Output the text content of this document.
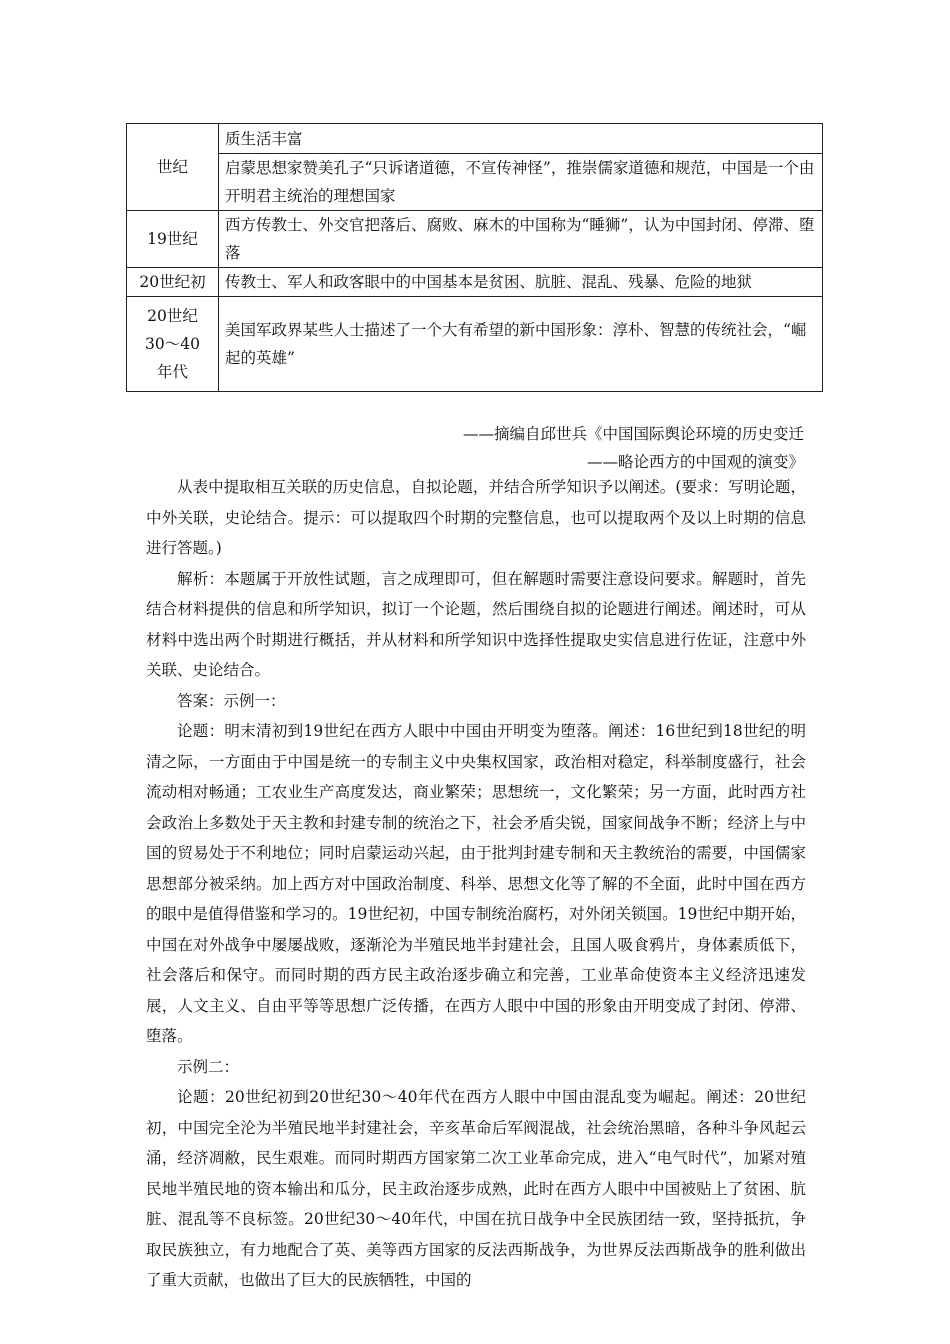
世纪	质生活丰富
启蒙思想家赞美孔子“只诉诸道德，不宣传神怪”，推崇儒家道德和规范，中国是一个由开明君主统治的理想国家

19世纪	西方传教士、外交官把落后、腐败、麻木的中国称为“睡狮”，认为中国封闭、停滞、堕落
20世纪初	传教士、军人和政客眼中的中国基本是贫困、肮脏、混乱、残暴、危险的地狱

20世纪
30～40
年代	美国军政界某些人士描述了一个大有希望的新中国形象：淳朴、智慧的传统社会，“崛起的英雄”
——摘编自邱世兵《中国国际舆论环境的历史变迁
——略论西方的中国观的演变》

从表中提取相互关联的历史信息，自拟论题，并结合所学知识予以阐述。(要求：写明论题，中外关联，史论结合。提示：可以提取四个时期的完整信息，也可以提取两个及以上时期的信息进行答题。)

解析：本题属于开放性试题，言之成理即可，但在解题时需要注意设问要求。解题时，首先结合材料提供的信息和所学知识，拟订一个论题，然后围绕自拟的论题进行阐述。阐述时，可从材料中选出两个时期进行概括，并从材料和所学知识中选择性提取史实信息进行佐证，注意中外关联、史论结合。

答案：示例一：

论题：明末清初到19世纪在西方人眼中中国由开明变为堕落。阐述：16世纪到18世纪的明清之际，一方面由于中国是统一的专制主义中央集权国家，政治相对稳定，科举制度盛行，社会流动相对畅通；工农业生产高度发达，商业繁荣；思想统一，文化繁荣；另一方面，此时西方社会政治上多数处于天主教和封建专制的统治之下，社会矛盾尖锐，国家间战争不断；经济上与中国的贸易处于不利地位；同时启蒙运动兴起，由于批判封建专制和天主教统治的需要，中国儒家思想部分被采纳。加上西方对中国政治制度、科举、思想文化等了解的不全面，此时中国在西方的眼中是值得借鉴和学习的。19世纪初，中国专制统治腐朽，对外闭关锁国。19世纪中期开始，中国在对外战争中屡屡战败，逐渐沦为半殖民地半封建社会，且国人吸食鸦片，身体素质低下，社会落后和保守。而同时期的西方民主政治逐步确立和完善，工业革命使资本主义经济迅速发展，人文主义、自由平等等思想广泛传播，在西方人眼中中国的形象由开明变成了封闭、停滞、堕落。

示例二：

论题：20世纪初到20世纪30～40年代在西方人眼中中国由混乱变为崛起。阐述：20世纪初，中国完全沦为半殖民地半封建社会，辛亥革命后军阀混战，社会统治黑暗，各种斗争风起云涌，经济凋敝，民生艰难。而同时期西方国家第二次工业革命完成，进入“电气时代”，加紧对殖民地半殖民地的资本输出和瓜分，民主政治逐步成熟，此时在西方人眼中中国被贴上了贫困、肮脏、混乱等不良标签。20世纪30～40年代，中国在抗日战争中全民族团结一致，坚持抵抗，争取民族独立，有力地配合了英、美等西方国家的反法西斯战争，为世界反法西斯战争的胜利做出了重大贡献，也做出了巨大的民族牺牲，中国的
